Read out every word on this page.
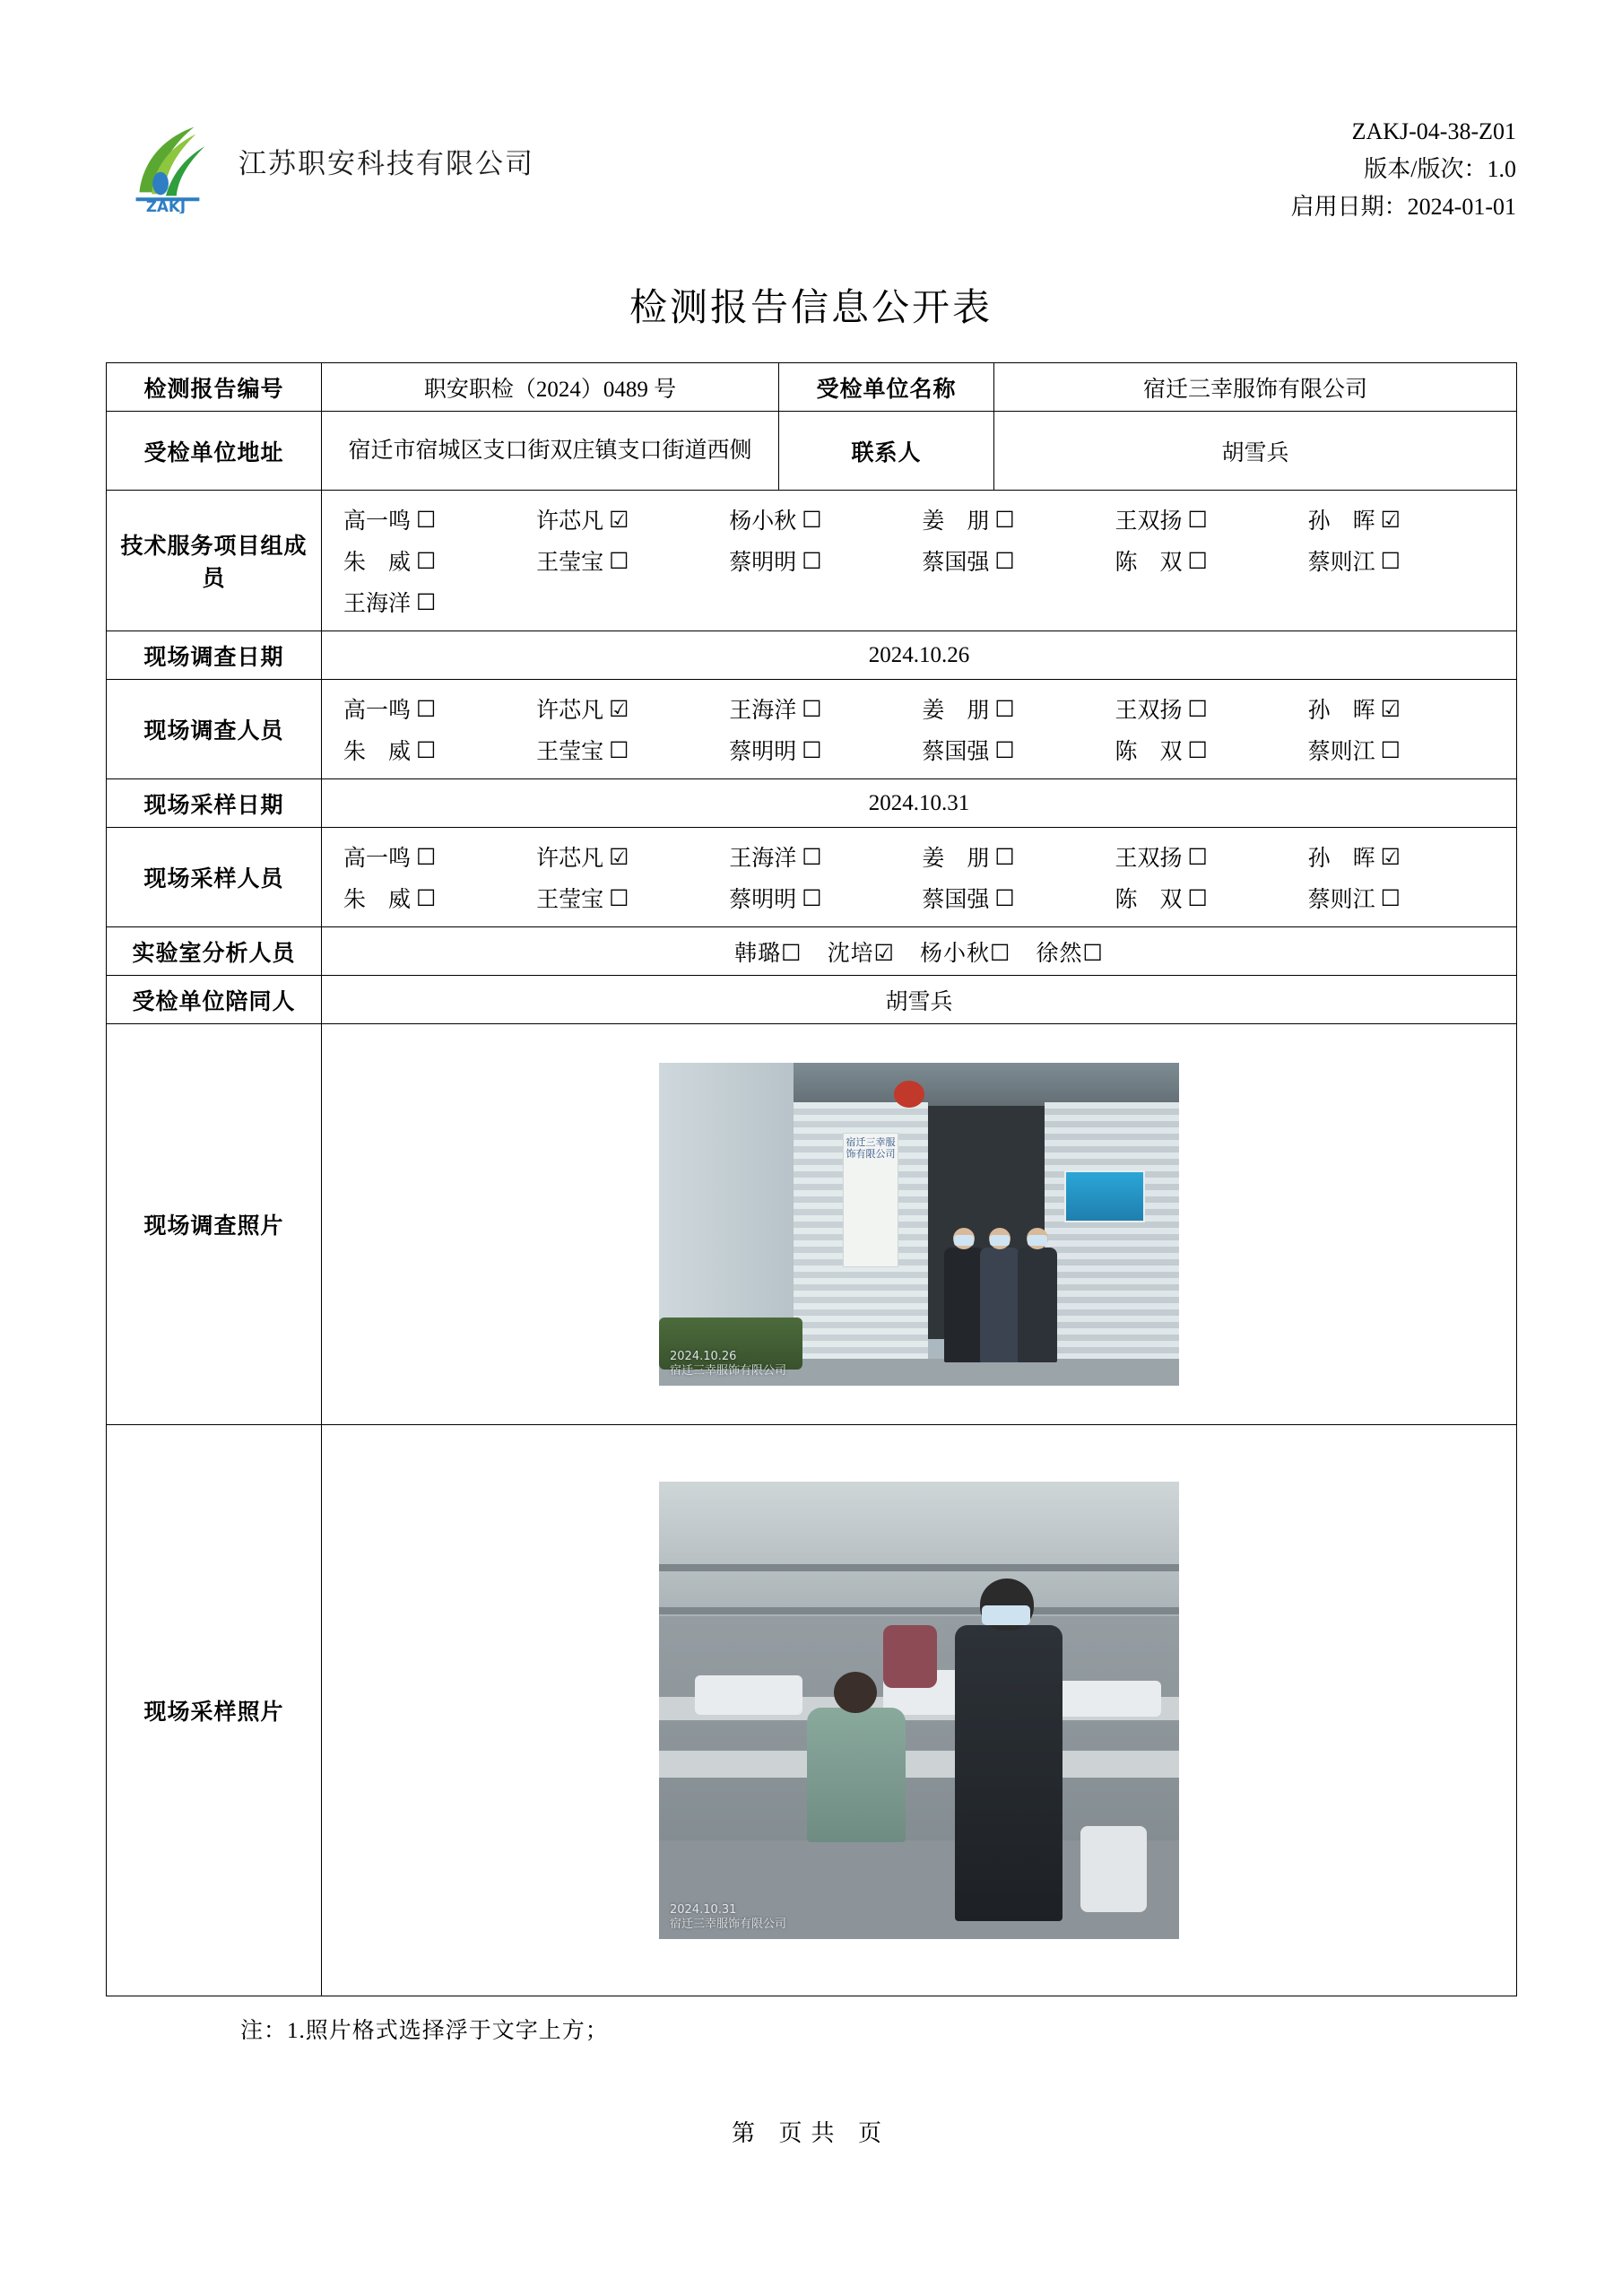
ZAKJ
江苏职安科技有限公司
ZAKJ-04-38-Z01
版本/版次：1.0
启用日期：2024-01-01
检测报告信息公开表
检测报告编号	职安职检（2024）0489 号	受检单位名称	宿迁三幸服饰有限公司
受检单位地址	宿迁市宿城区支口街双庄镇支口街道西侧	联系人	胡雪兵
技术服务项目组成员	
高一鸣 ☐	许芯凡 ☑	杨小秋 ☐	姜　朋 ☐	王双扬 ☐	孙　晖 ☑
朱　威 ☐	王莹宝 ☐	蔡明明 ☐	蔡国强 ☐	陈　双 ☐	蔡则江 ☐
王海洋 ☐

现场调查日期	2024.10.26		
现场调查人员	
高一鸣 ☐	许芯凡 ☑	王海洋 ☐	姜　朋 ☐	王双扬 ☐	孙　晖 ☑
朱　威 ☐	王莹宝 ☐	蔡明明 ☐	蔡国强 ☐	陈　双 ☐	蔡则江 ☐

现场采样日期	2024.10.31		
现场采样人员	
高一鸣 ☐	许芯凡 ☑	王海洋 ☐	姜　朋 ☐	王双扬 ☐	孙　晖 ☑
朱　威 ☐	王莹宝 ☐	蔡明明 ☐	蔡国强 ☐	陈　双 ☐	蔡则江 ☐

实验室分析人员	韩璐☐ 沈培☑ 杨小秋☐ 徐然☐		

受检单位陪同人	胡雪兵		
现场调查照片	宿迁三幸服饰有限公司
2024.10.26
宿迁三幸服饰有限公司		

现场采样照片	2024.10.31
宿迁三幸服饰有限公司		
注：1.照片格式选择浮于文字上方；
第 页共 页
